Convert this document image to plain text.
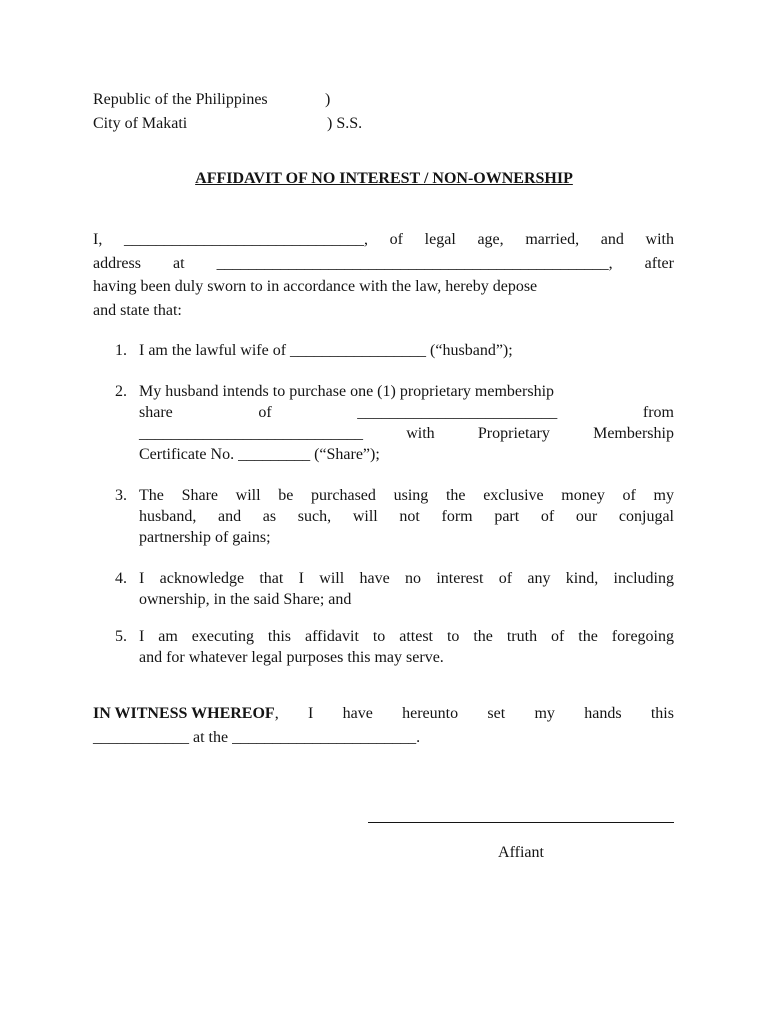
Republic of the Philippines	)
City of Makati	) S.S.
AFFIDAVIT OF NO INTEREST / NON-OWNERSHIP
I, ______________________________, of legal age, married, and with
address at _________________________________________________, after
having been duly sworn to in accordance with the law, hereby depose
and state that:
1. I am the lawful wife of _________________ (“husband”);
2. My husband intends to purchase one (1) proprietary membership
share	of	_________________________	from
____________________________	with	Proprietary	Membership
Certificate No. _________ (“Share”);
3. The Share will be purchased using the exclusive money of my
husband, and as such, will not form part of our conjugal
partnership of gains;
4. I acknowledge that I will have no interest of any kind, including
ownership, in the said Share; and
5. I am executing this affidavit to attest to the truth of the foregoing
and for whatever legal purposes this may serve.
IN WITNESS WHEREOF, I have hereunto set my hands this
____________ at the _______________________.
Affiant
